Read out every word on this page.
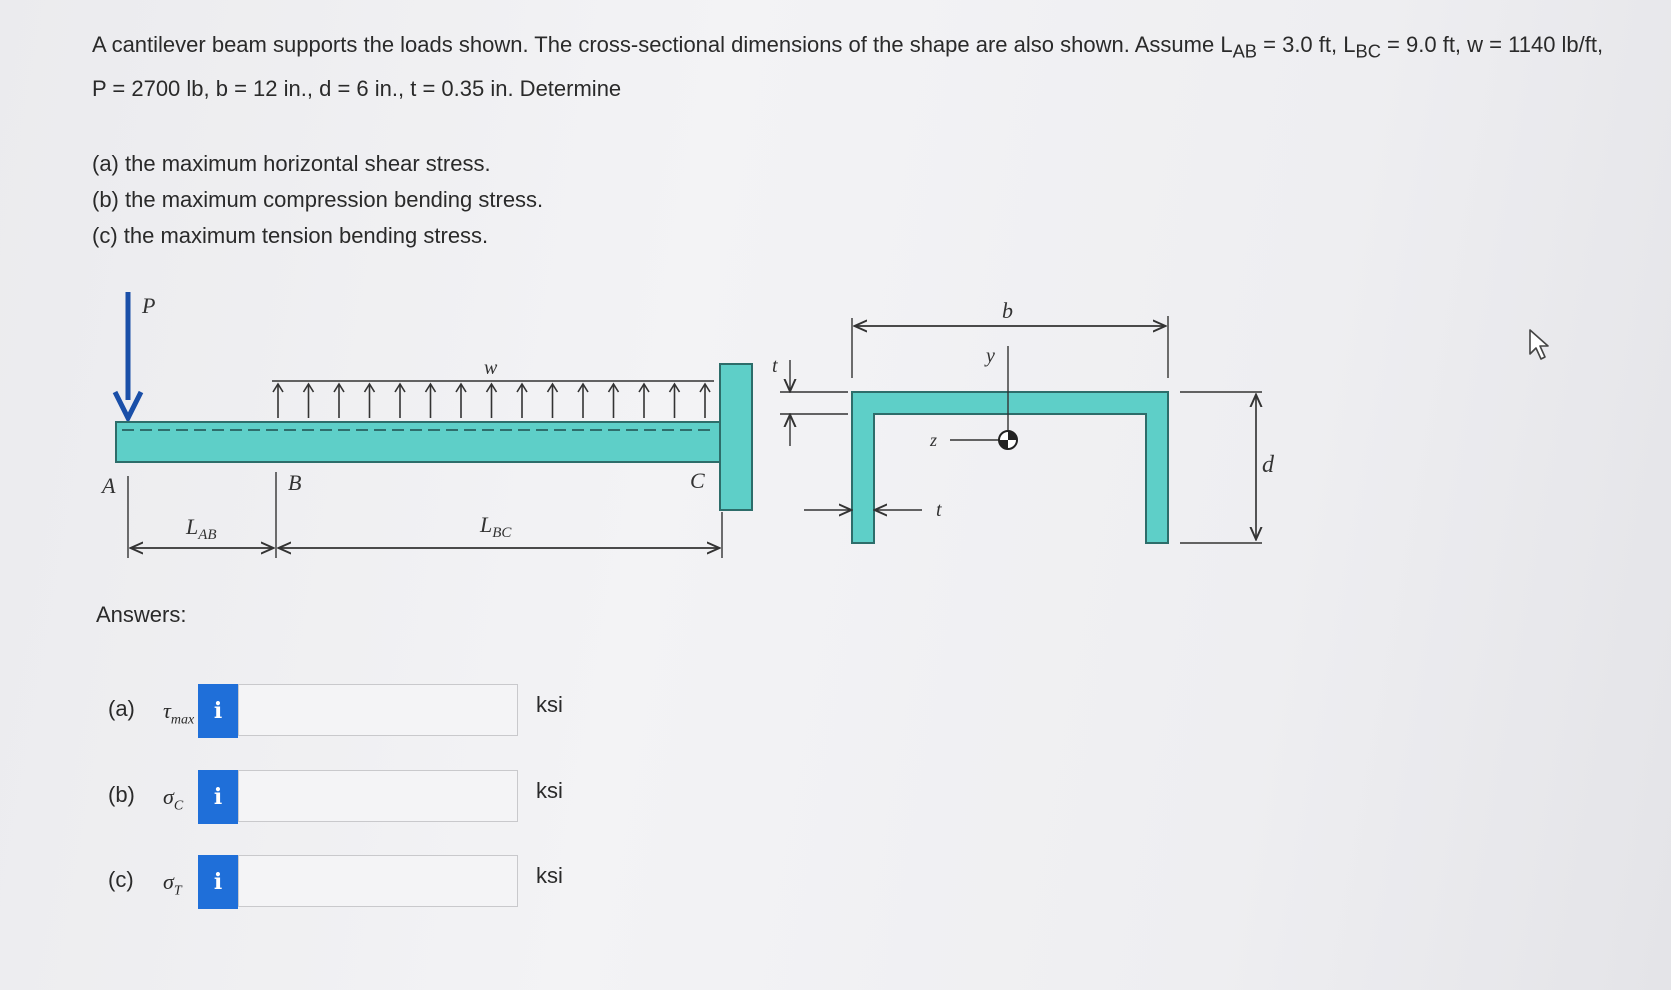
A cantilever beam supports the loads shown. The cross-sectional dimensions of the shape are also shown. Assume $L_{AB} = 3.0$ ft, $L_{BC} = 9.0$ ft, w = 1140 lb/ft, P = 2700 lb, b = 12 in., d = 6 in., t = 0.35 in. Determine
(a) the maximum horizontal shear stress.
(b) the maximum compression bending stress.
(c) the maximum tension bending stress.
P
w
A	B	C
$L_{AB}$	$L_{BC}$
b
y
z
t
t
d
Answers:
(a) $\tau_{max}$ i	ksi
(b) $\sigma_C$	i	ksi
(c) $\sigma_T$	i	ksi
